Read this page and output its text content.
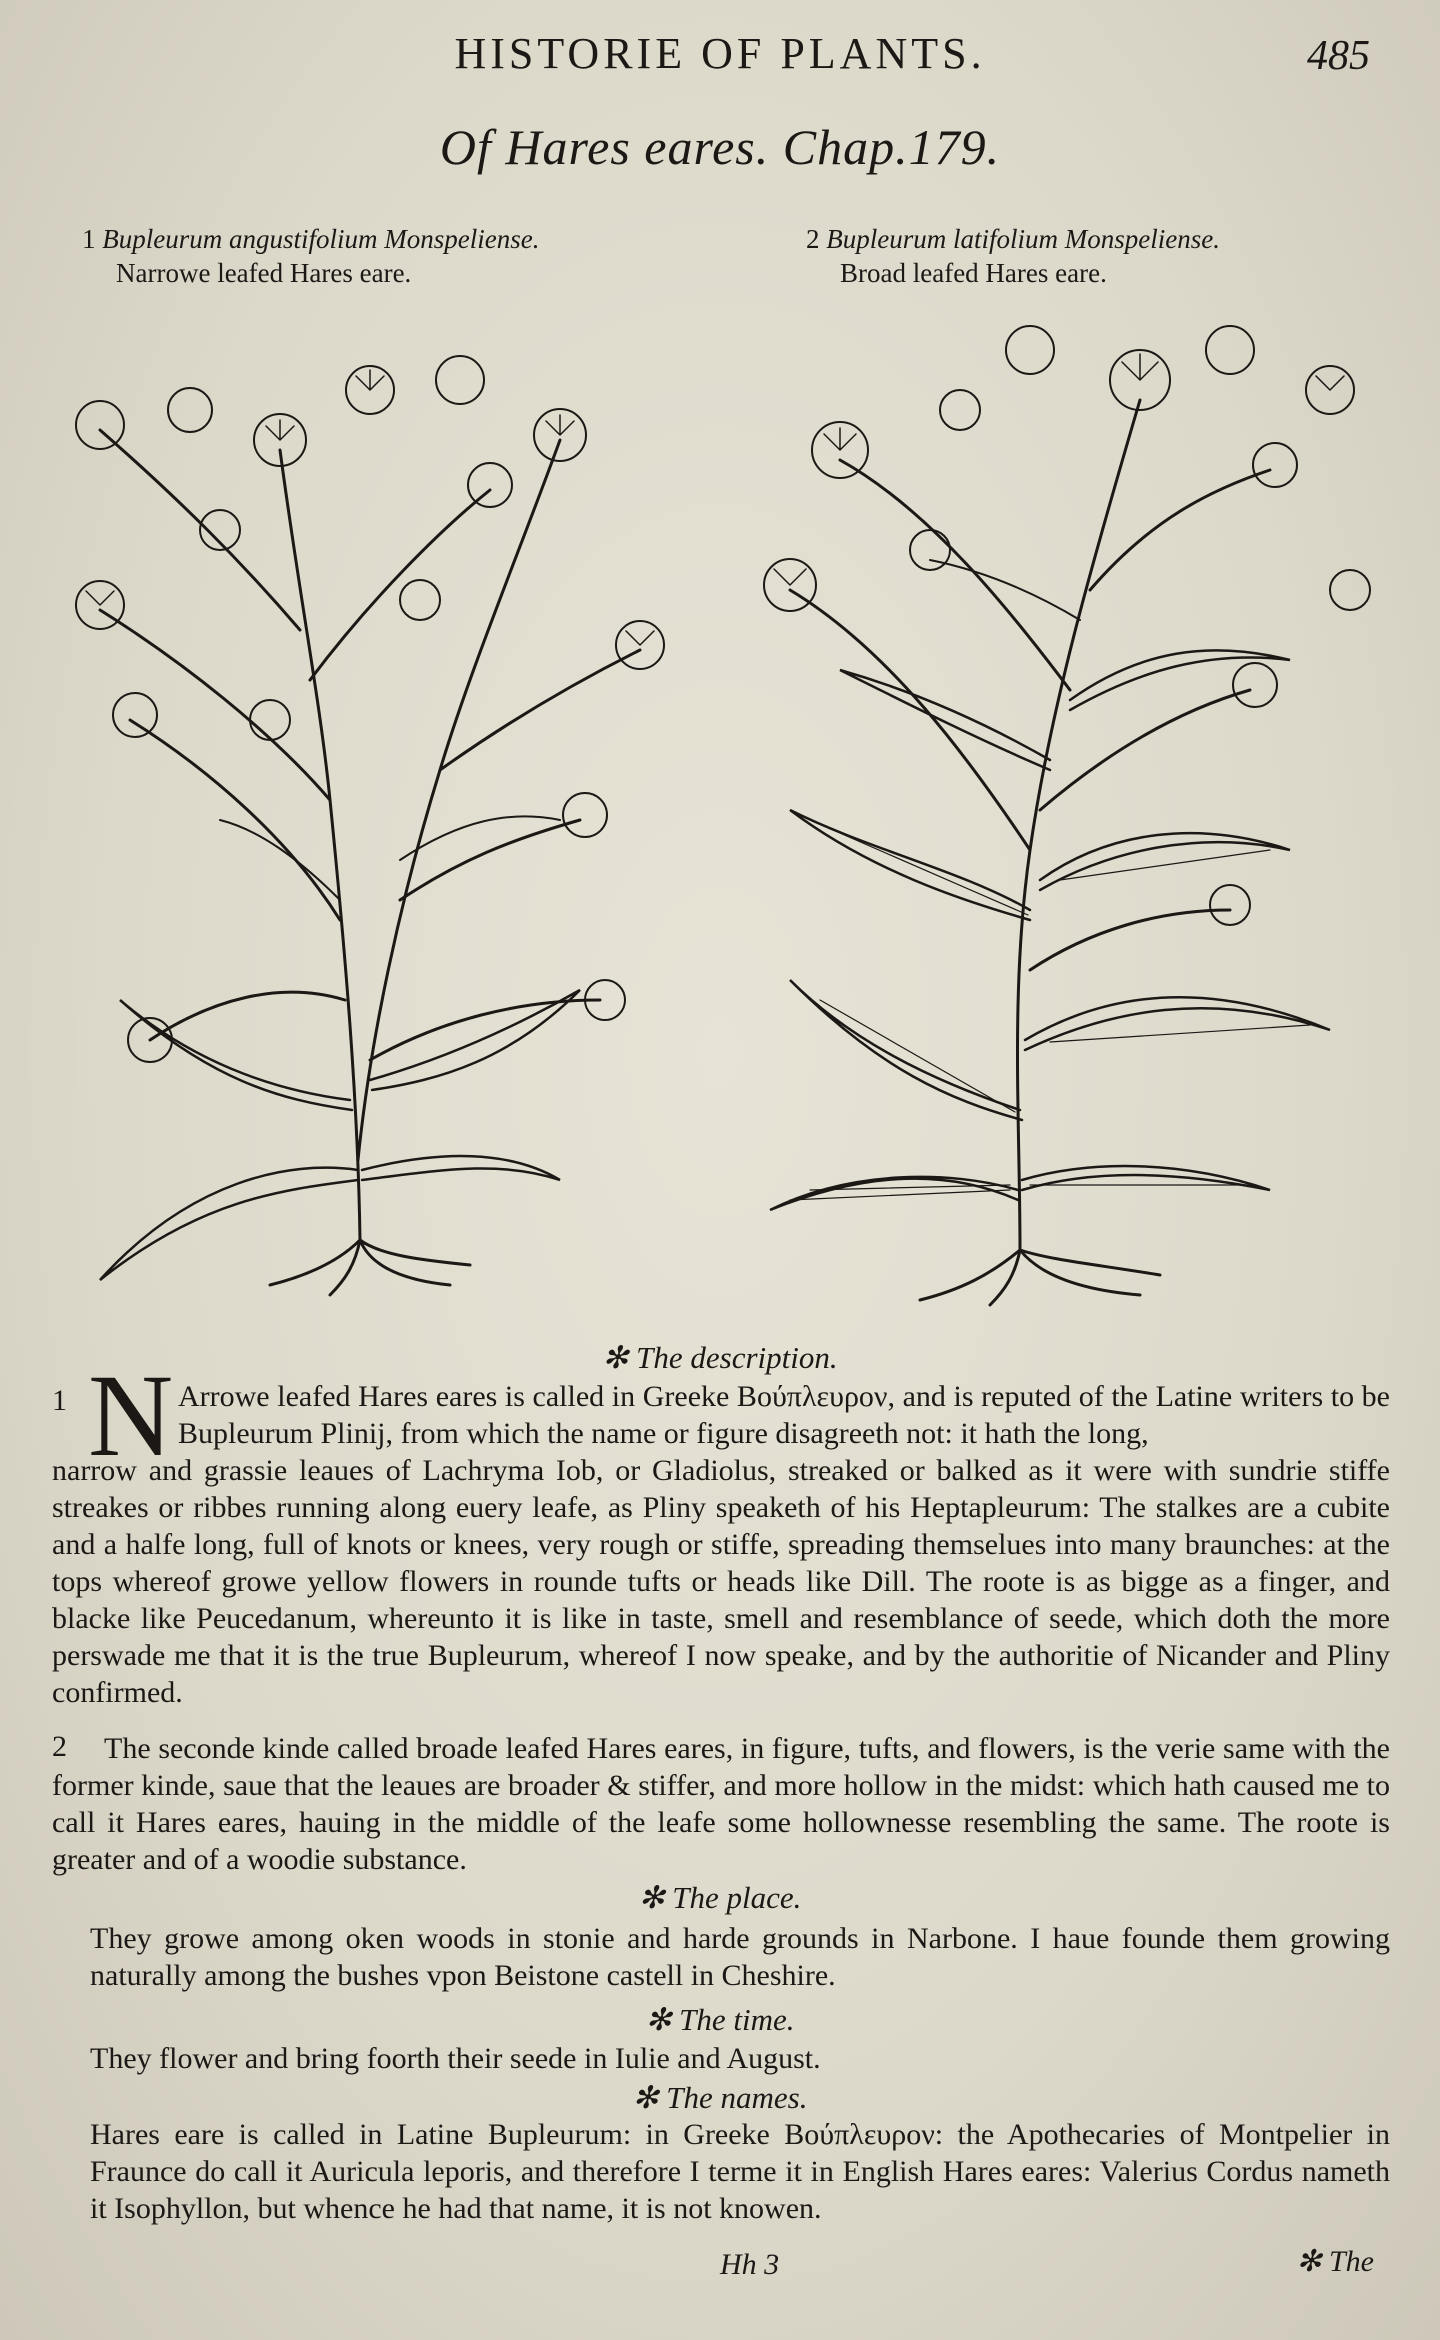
HISTORIE OF PLANTS.	485
Of Hares eares. Chap.179.
1 Bupleurum angustifolium Monspeliense.
Narrowe leafed Hares eare.
2 Bupleurum latifolium Monspeliense.
Broad leafed Hares eare.
✻ The description.
1 N Arrowe leafed Hares eares is called in Greeke Βούπλευρον, and is reputed of the Latine writers to be Bupleurum Plinij, from which the name or figure disagreeth not: it hath the long,
narrow and grassie leaues of Lachryma Iob, or Gladiolus, streaked or balked as it were with sundrie stiffe streakes or ribbes running along euery leafe, as Pliny speaketh of his Heptapleurum: The stalkes are a cubite and a halfe long, full of knots or knees, very rough or stiffe, spreading themselues into many braunches: at the tops whereof growe yellow flowers in rounde tufts or heads like Dill. The roote is as bigge as a finger, and blacke like Peucedanum, whereunto it is like in taste, smell and resemblance of seede, which doth the more perswade me that it is the true Bupleurum, whereof I now speake, and by the authoritie of Nicander and Pliny confirmed.
2	The seconde kinde called broade leafed Hares eares, in figure, tufts, and flowers, is the verie same with the former kinde, saue that the leaues are broader & stiffer, and more hollow in the midst: which hath caused me to call it Hares eares, hauing in the middle of the leafe some hollownesse resembling the same. The roote is greater and of a woodie substance.
✻ The place.
They growe among oken woods in stonie and harde grounds in Narbone. I haue founde them growing naturally among the bushes vpon Beistone castell in Cheshire.
✻ The time.
They flower and bring foorth their seede in Iulie and August.
✻ The names.
Hares eare is called in Latine Bupleurum: in Greeke Βούπλευρον: the Apothecaries of Montpelier in Fraunce do call it Auricula leporis, and therefore I terme it in English Hares eares: Valerius Cordus nameth it Isophyllon, but whence he had that name, it is not knowen.
Hh 3	✻ The
